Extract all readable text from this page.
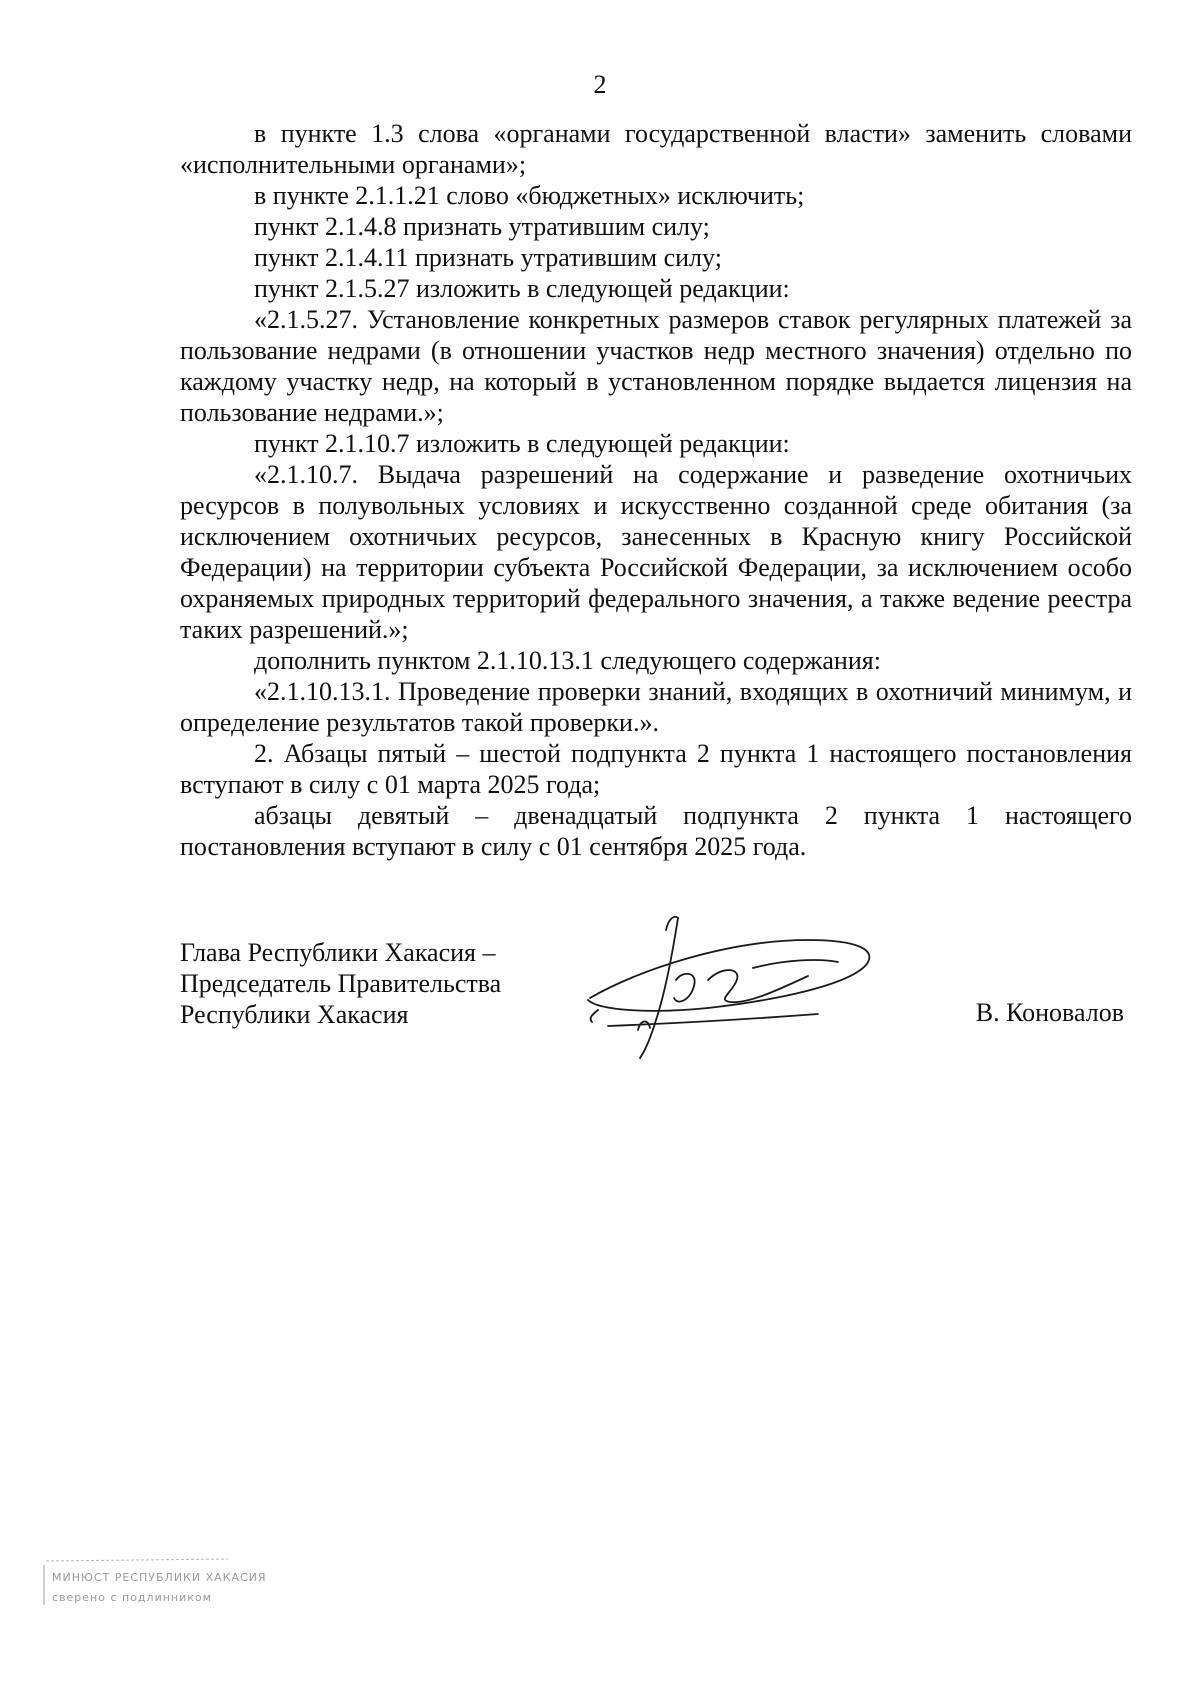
2

в пункте 1.3 слова «органами государственной власти» заменить словами «исполнительными органами»;

в пункте 2.1.1.21 слово «бюджетных» исключить;

пункт 2.1.4.8 признать утратившим силу;

пункт 2.1.4.11 признать утратившим силу;

пункт 2.1.5.27 изложить в следующей редакции:

«2.1.5.27. Установление конкретных размеров ставок регулярных платежей за пользование недрами (в отношении участков недр местного значения) отдельно по каждому участку недр, на который в установленном порядке выдается лицензия на пользование недрами.»;

пункт 2.1.10.7 изложить в следующей редакции:

«2.1.10.7. Выдача разрешений на содержание и разведение охотничьих ресурсов в полувольных условиях и искусственно созданной среде обитания (за исключением охотничьих ресурсов, занесенных в Красную книгу Российской Федерации) на территории субъекта Российской Федерации, за исключением особо охраняемых природных территорий федерального значения, а также ведение реестра таких разрешений.»;

дополнить пунктом 2.1.10.13.1 следующего содержания:

«2.1.10.13.1. Проведение проверки знаний, входящих в охотничий минимум, и определение результатов такой проверки.».

2. Абзацы пятый – шестой подпункта 2 пункта 1 настоящего постановления вступают в силу с 01 марта 2025 года;

абзацы девятый – двенадцатый подпункта 2 пункта 1 настоящего постановления вступают в силу с 01 сентября 2025 года.

Глава Республики Хакасия –
Председатель Правительства
Республики Хакасия	В. Коновалов
МИНЮСТ РЕСПУБЛИКИ ХАКАСИЯ
сверено с подлинником
